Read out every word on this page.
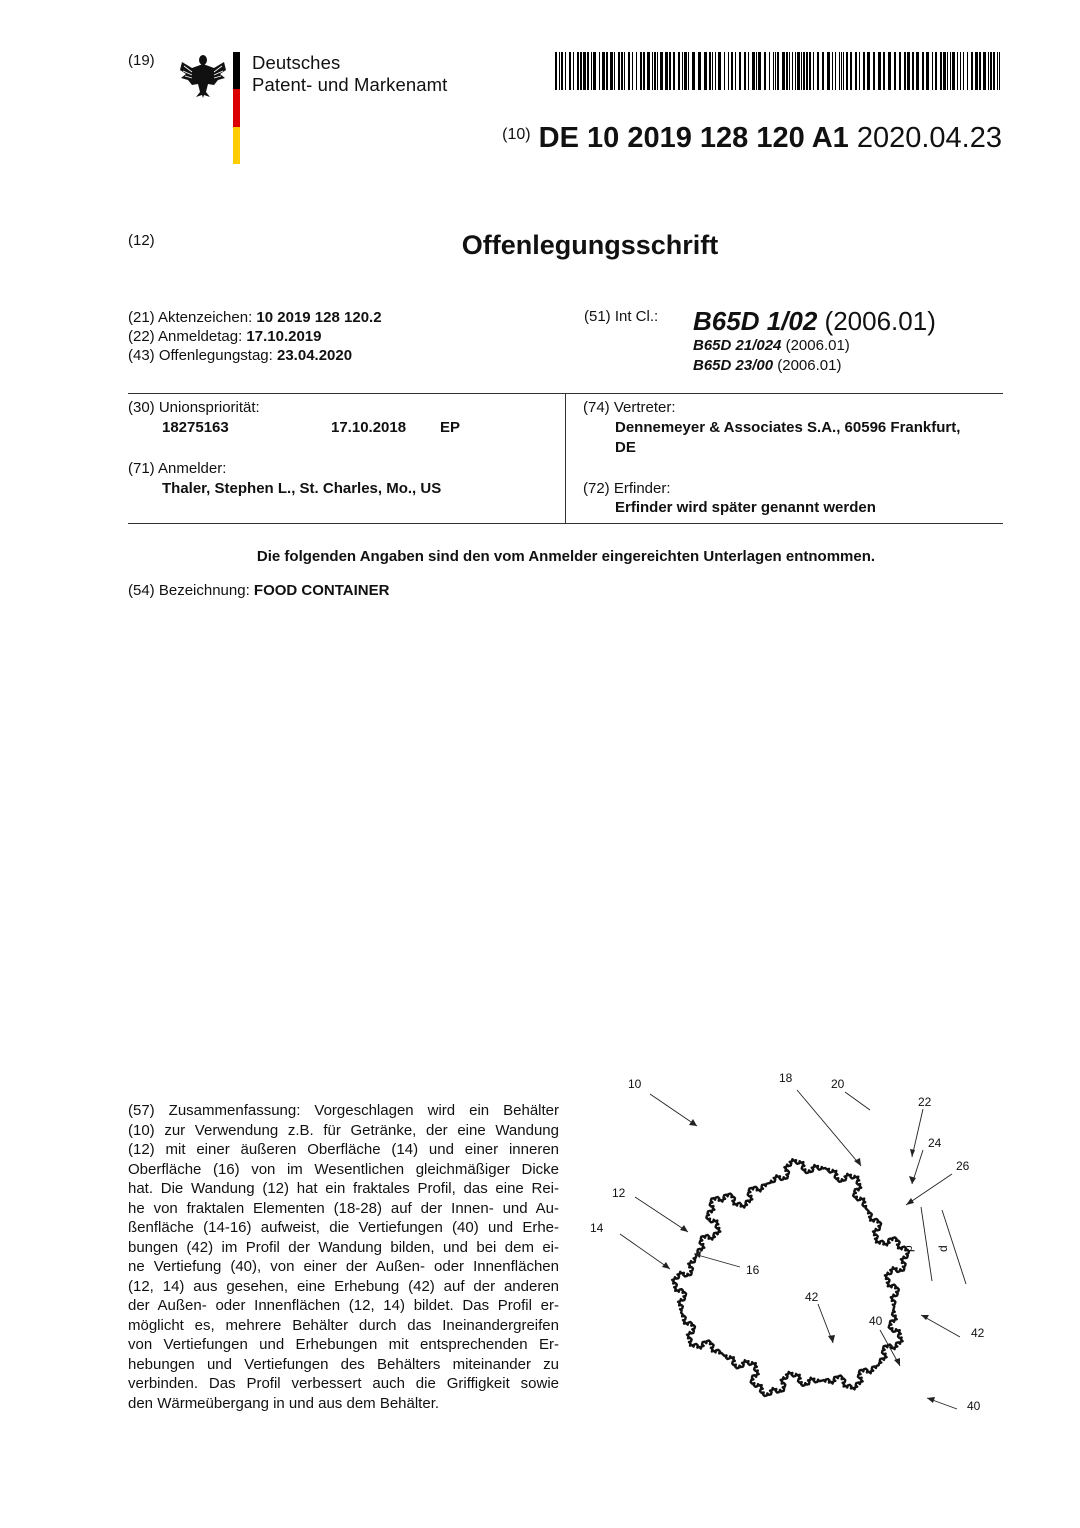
(19)	Deutsches
Patent- und Markenamt
$^{(10)}$ DE 10 2019 128 120 A1 2020.04.23
(12)	Offenlegungsschrift
(21) Aktenzeichen: 10 2019 128 120.2
(22) Anmeldetag: 17.10.2019
(43) Offenlegungstag: 23.04.2020
(51) Int Cl.: B65D 1/02 (2006.01)
B65D 21/024 (2006.01)
B65D 23/00 (2006.01)
(30) Unionspriorität:
18275163	17.10.2018 EP
(71) Anmelder:
Thaler, Stephen L., St. Charles, Mo., US
(74) Vertreter:
Dennemeyer & Associates S.A., 60596 Frankfurt,
DE
(72) Erfinder:
Erfinder wird später genannt werden
Die folgenden Angaben sind den vom Anmelder eingereichten Unterlagen entnommen.
(54) Bezeichnung: FOOD CONTAINER
(57) Zusammenfassung: Vorgeschlagen wird ein Behälter
(10) zur Verwendung z.B. für Getränke, der eine Wandung
(12) mit einer äußeren Oberfläche (14) und einer inneren
Oberfläche (16) von im Wesentlichen gleichmäßiger Dicke
hat. Die Wandung (12) hat ein fraktales Profil, das eine Rei-
he von fraktalen Elementen (18-28) auf der Innen- und Au-
ßenfläche (14-16) aufweist, die Vertiefungen (40) und Erhe-
bungen (42) im Profil der Wandung bilden, und bei dem ei-
ne Vertiefung (40), von einer der Außen- oder Innenflächen
(12, 14) aus gesehen, eine Erhebung (42) auf der anderen
der Außen- oder Innenflächen (12, 14) bildet. Das Profil er-
möglicht es, mehrere Behälter durch das Ineinandergreifen
von Vertiefungen und Erhebungen mit entsprechenden Er-
hebungen und Vertiefungen des Behälters miteinander zu
verbinden. Das Profil verbessert auch die Griffigkeit sowie
den Wärmeübergang in und aus dem Behälter.
10	18	20
22
24
26
12
14
16
42
40
42
40
p d
